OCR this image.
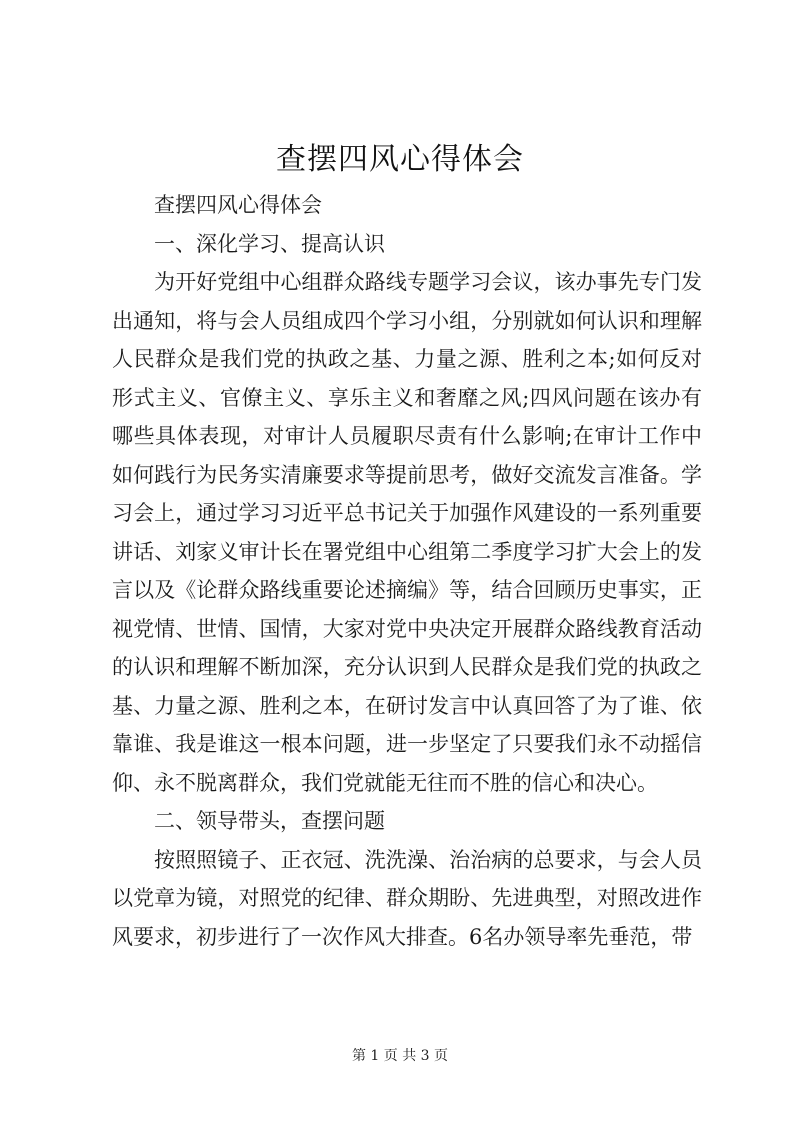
查摆四风心得体会

查摆四风心得体会

一、深化学习、提高认识

为开好党组中心组群众路线专题学习会议，该办事先专门发出通知，将与会人员组成四个学习小组，分别就如何认识和理解人民群众是我们党的执政之基、力量之源、胜利之本;如何反对形式主义、官僚主义、享乐主义和奢靡之风;四风问题在该办有哪些具体表现，对审计人员履职尽责有什么影响;在审计工作中如何践行为民务实清廉要求等提前思考，做好交流发言准备。学习会上，通过学习习近平总书记关于加强作风建设的一系列重要讲话、刘家义审计长在署党组中心组第二季度学习扩大会上的发言以及《论群众路线重要论述摘编》等，结合回顾历史事实，正视党情、世情、国情，大家对党中央决定开展群众路线教育活动的认识和理解不断加深，充分认识到人民群众是我们党的执政之基、力量之源、胜利之本，在研讨发言中认真回答了为了谁、依靠谁、我是谁这一根本问题，进一步坚定了只要我们永不动摇信仰、永不脱离群众，我们党就能无往而不胜的信心和决心。

二、领导带头，查摆问题

按照照镜子、正衣冠、洗洗澡、治治病的总要求，与会人员以党章为镜，对照党的纪律、群众期盼、先进典型，对照改进作风要求，初步进行了一次作风大排查。6名办领导率先垂范，带

第 1 页 共 3 页
